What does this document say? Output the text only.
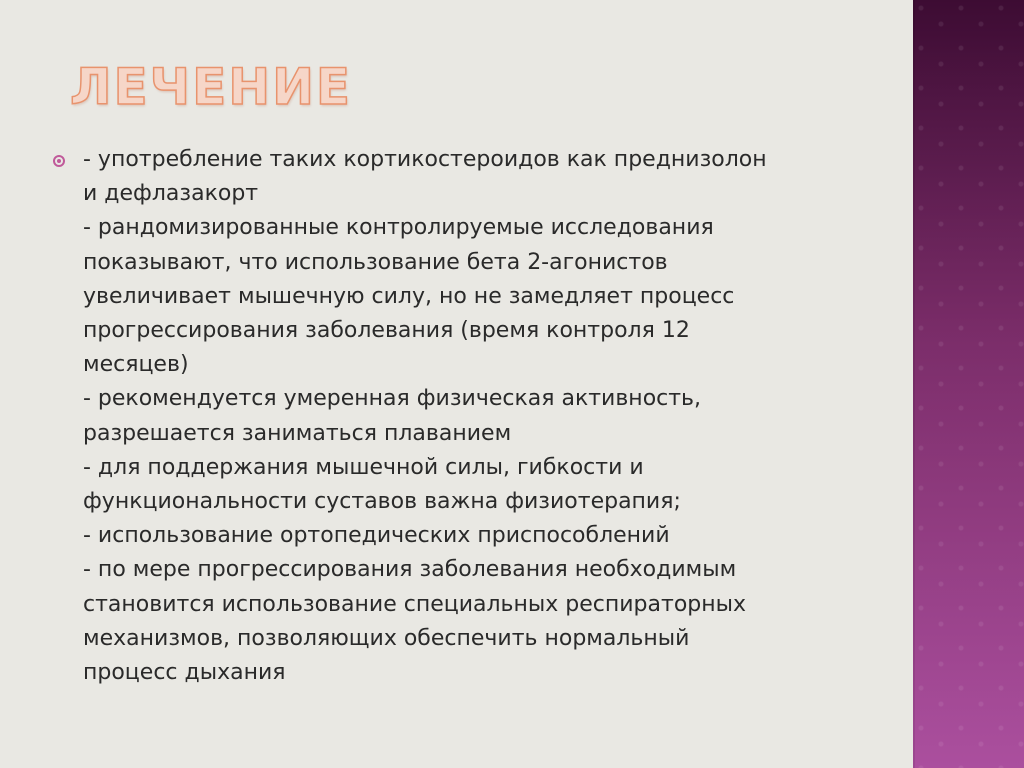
ЛЕЧЕНИЕ
- употребление таких кортикостероидов как преднизолон
и дефлазакорт
- рандомизированные контролируемые исследования
показывают, что использование бета 2-агонистов
увеличивает мышечную силу, но не замедляет процесс
прогрессирования заболевания (время контроля 12
месяцев)
- рекомендуется умеренная физическая активность,
разрешается заниматься плаванием
- для поддержания мышечной силы, гибкости и
функциональности суставов важна физиотерапия;
- использование ортопедических приспособлений
- по мере прогрессирования заболевания необходимым
становится использование специальных респираторных
механизмов, позволяющих обеспечить нормальный
процесс дыхания
